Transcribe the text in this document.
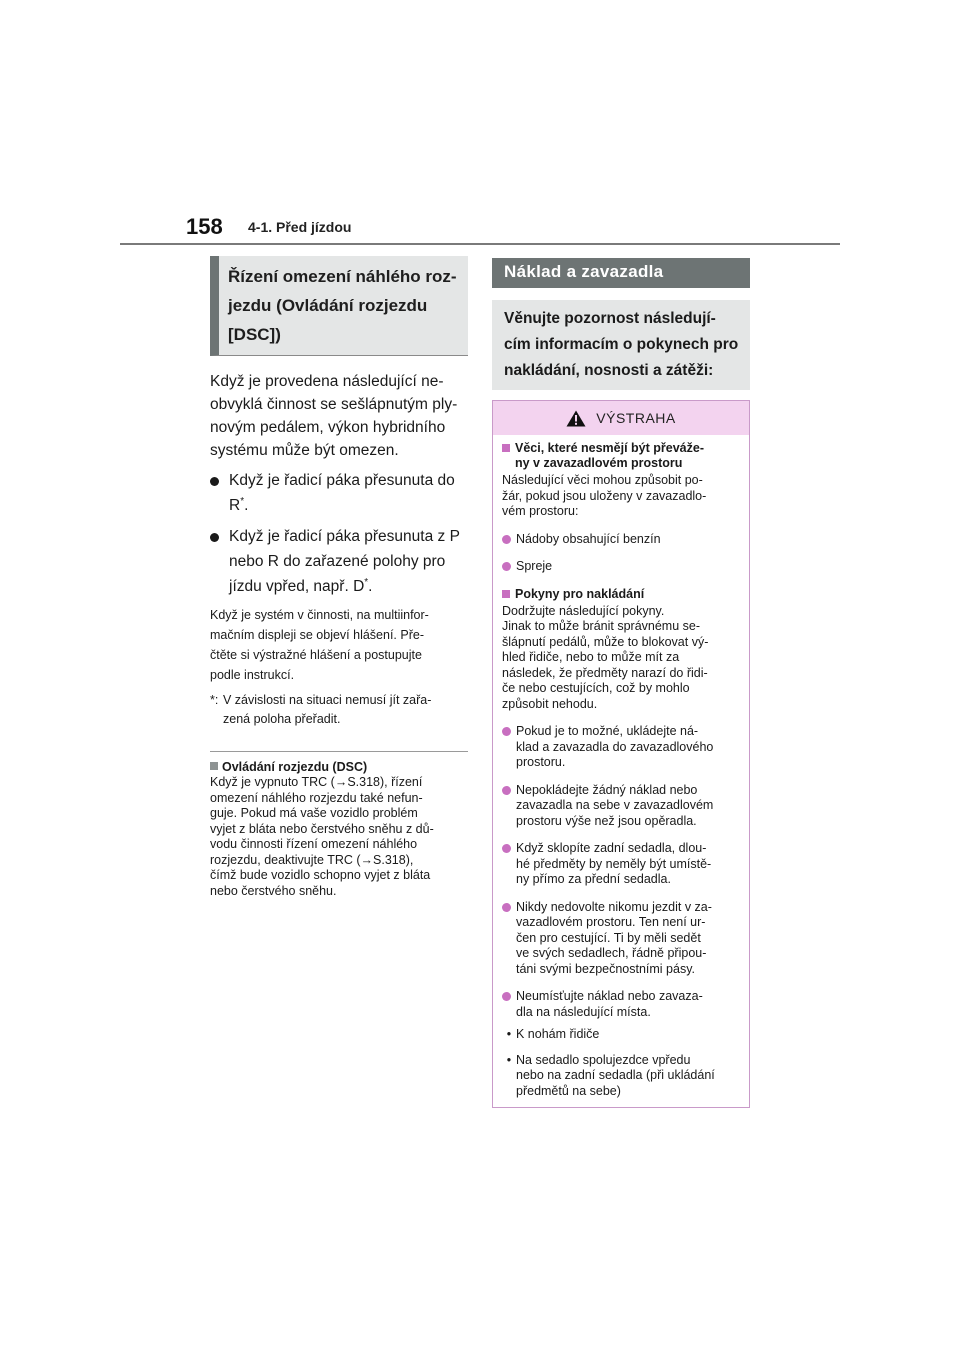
158 4-1. Před jízdou
Řízení omezení náhlého roz-
jezdu (Ovládání rozjezdu
[DSC])
Když je provedena následující ne-
obvyklá činnost se sešlápnutým ply-
novým pedálem, výkon hybridního
systému může být omezen.
Když je řadicí páka přesunuta do
R*.
Když je řadicí páka přesunuta z P
nebo R do zařazené polohy pro
jízdu vpřed, např. D*.
Když je systém v činnosti, na multiinfor-
mačním displeji se objeví hlášení. Pře-
čtěte si výstražné hlášení a postupujte
podle instrukcí.
*: V závislosti na situaci nemusí jít zařa-
zená poloha přeřadit.
Ovládání rozjezdu (DSC)
Když je vypnuto TRC (→S.318), řízení
omezení náhlého rozjezdu také nefun-
guje. Pokud má vaše vozidlo problém
vyjet z bláta nebo čerstvého sněhu z dů-
vodu činnosti řízení omezení náhlého
rozjezdu, deaktivujte TRC (→S.318),
čímž bude vozidlo schopno vyjet z bláta
nebo čerstvého sněhu.
Náklad a zavazadla
Věnujte pozornost následují-
cím informacím o pokynech pro
nakládání, nosnosti a zátěži:
VÝSTRAHA
Věci, které nesmějí být převáže-
ny v zavazadlovém prostoru
Následující věci mohou způsobit po-
žár, pokud jsou uloženy v zavazadlo-
vém prostoru:
Nádoby obsahující benzín
Spreje
Pokyny pro nakládání
Dodržujte následující pokyny.
Jinak to může bránit správnému se-
šlápnutí pedálů, může to blokovat vý-
hled řidiče, nebo to může mít za
následek, že předměty narazí do řidi-
če nebo cestujících, což by mohlo
způsobit nehodu.
Pokud je to možné, ukládejte ná-
klad a zavazadla do zavazadlového
prostoru.
Nepokládejte žádný náklad nebo
zavazadla na sebe v zavazadlovém
prostoru výše než jsou opěradla.
Když sklopíte zadní sedadla, dlou-
hé předměty by neměly být umístě-
ny přímo za přední sedadla.
Nikdy nedovolte nikomu jezdit v za-
vazadlovém prostoru. Ten není ur-
čen pro cestující. Ti by měli sedět
ve svých sedadlech, řádně připou-
táni svými bezpečnostními pásy.
Neumísťujte náklad nebo zavaza-
dla na následující místa.
• K nohám řidiče
• Na sedadlo spolujezdce vpředu
nebo na zadní sedadla (při ukládání
předmětů na sebe)
